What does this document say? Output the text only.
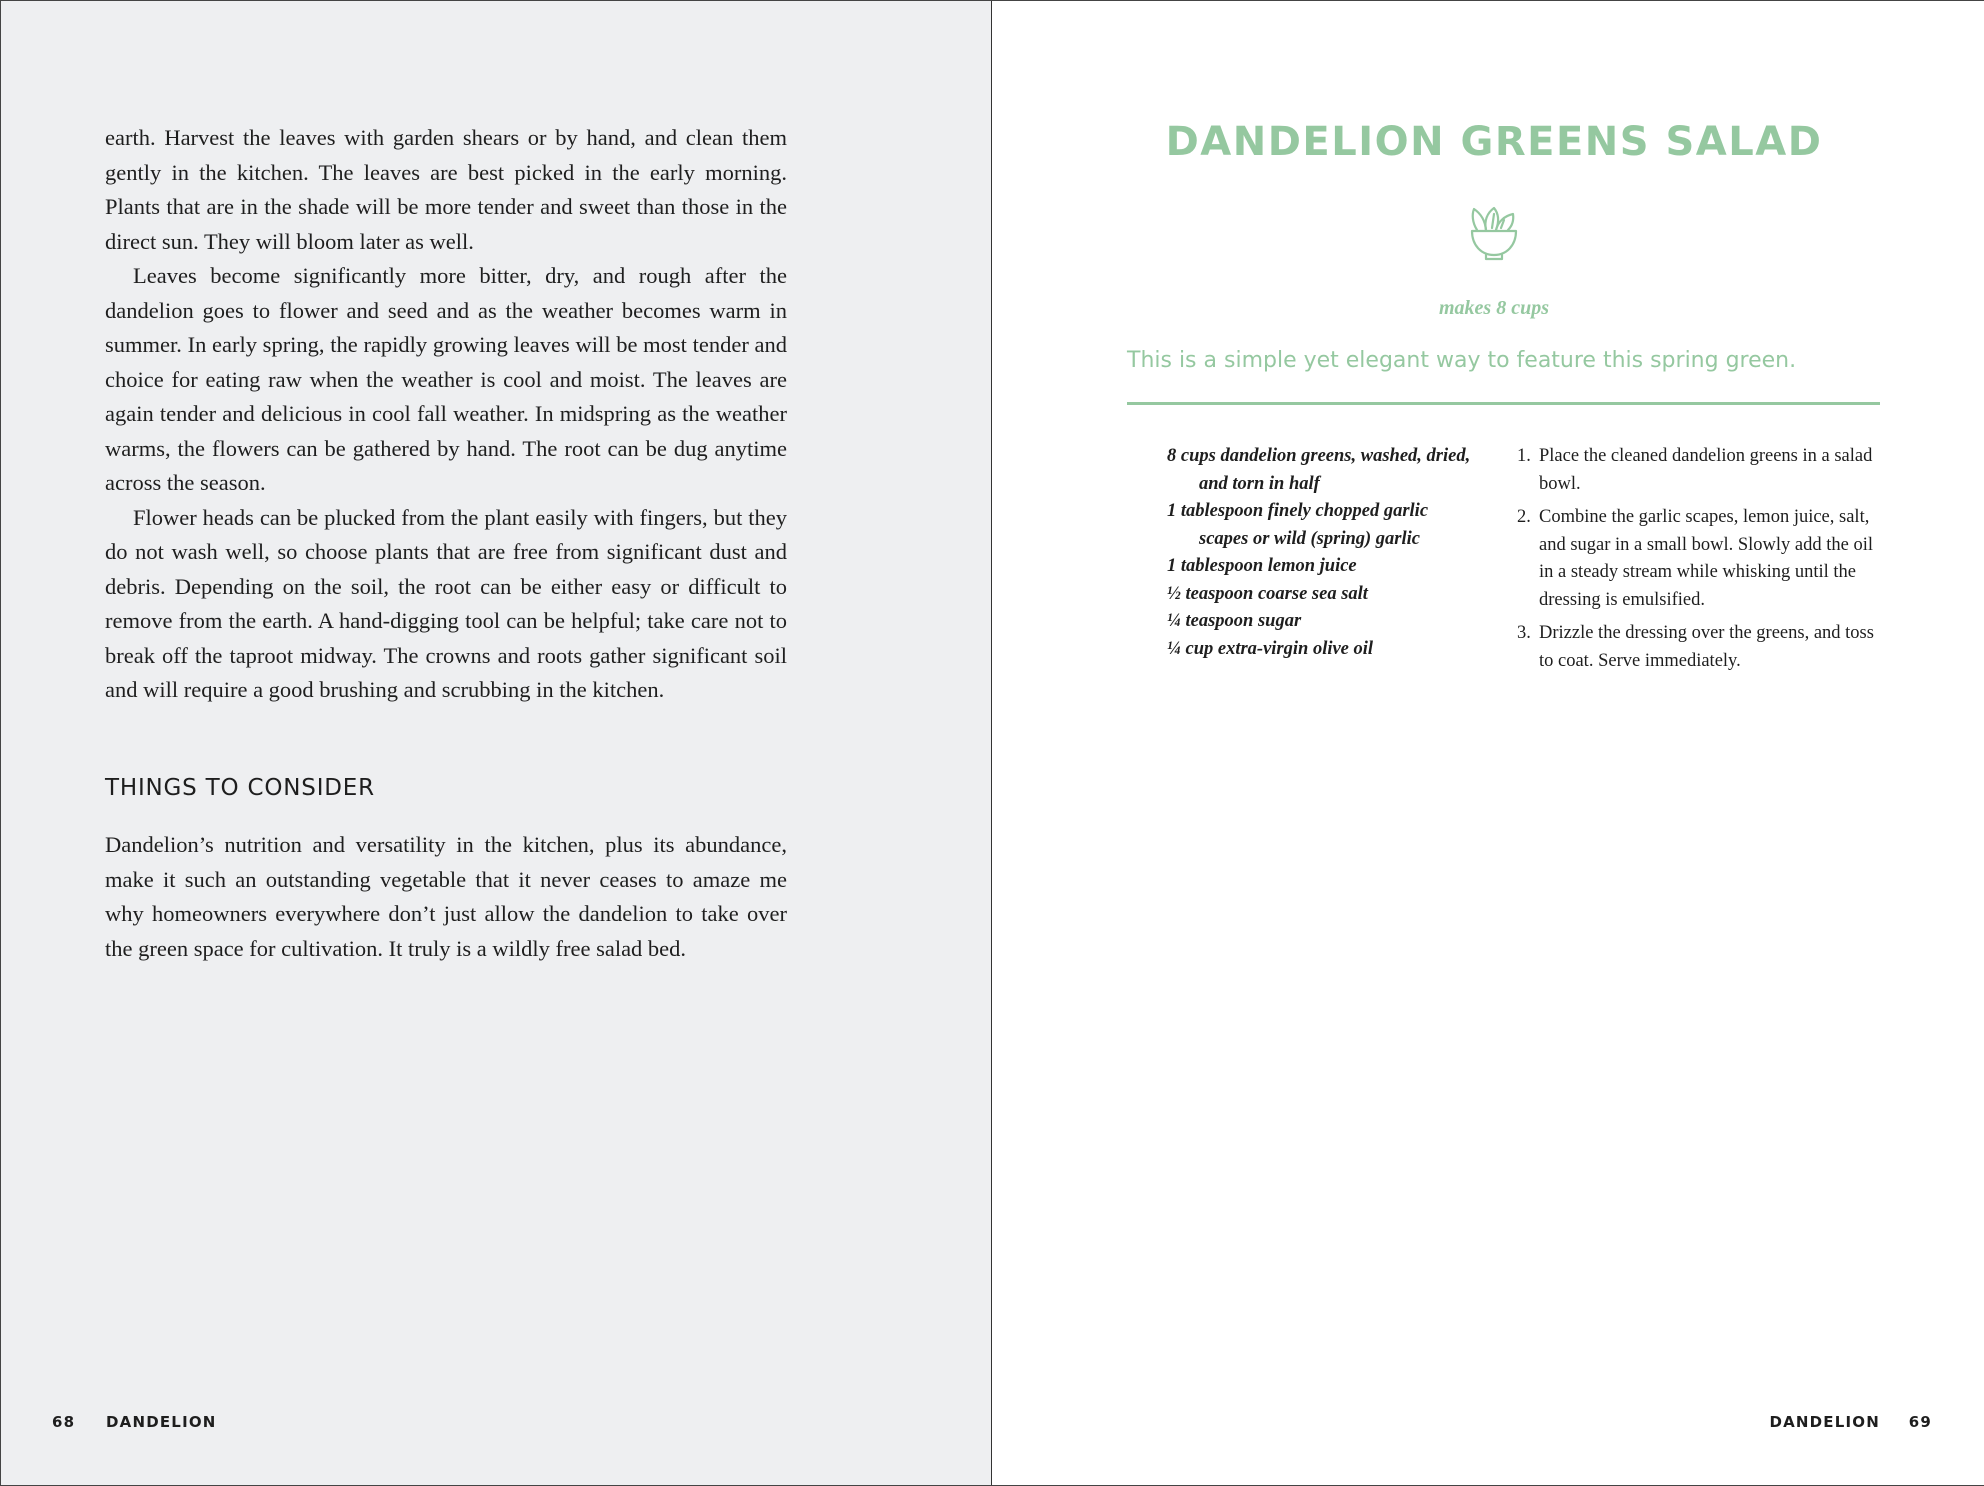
earth. Harvest the leaves with garden shears or by hand, and clean them gently in the kitchen. The leaves are best picked in the early morning. Plants that are in the shade will be more tender and sweet than those in the direct sun. They will bloom later as well.

Leaves become significantly more bitter, dry, and rough after the dandelion goes to flower and seed and as the weather becomes warm in summer. In early spring, the rapidly growing leaves will be most tender and choice for eating raw when the weather is cool and moist. The leaves are again tender and delicious in cool fall weather. In midspring as the weather warms, the flowers can be gathered by hand. The root can be dug anytime across the season.

Flower heads can be plucked from the plant easily with fingers, but they do not wash well, so choose plants that are free from significant dust and debris. Depending on the soil, the root can be either easy or difficult to remove from the earth. A hand-digging tool can be helpful; take care not to break off the taproot midway. The crowns and roots gather significant soil and will require a good brushing and scrubbing in the kitchen.

THINGS TO CONSIDER

Dandelion’s nutrition and versatility in the kitchen, plus its abundance, make it such an outstanding vegetable that it never ceases to amaze me why homeowners everywhere don’t just allow the dandelion to take over the green space for cultivation. It truly is a wildly free salad bed.

68 DANDELION
DANDELION GREENS SALAD
makes 8 cups
This is a simple yet elegant way to feature this spring green.
8 cups dandelion greens, washed, dried, and torn in half
1 tablespoon finely chopped garlic scapes or wild (spring) garlic
1 tablespoon lemon juice
½ teaspoon coarse sea salt
¼ teaspoon sugar
¼ cup extra-virgin olive oil
1. Place the cleaned dandelion greens in a salad bowl.
2. Combine the garlic scapes, lemon juice, salt, and sugar in a small bowl. Slowly add the oil in a steady stream while whisking until the dressing is emulsified.
3. Drizzle the dressing over the greens, and toss to coat. Serve immediately.
DANDELION 69
